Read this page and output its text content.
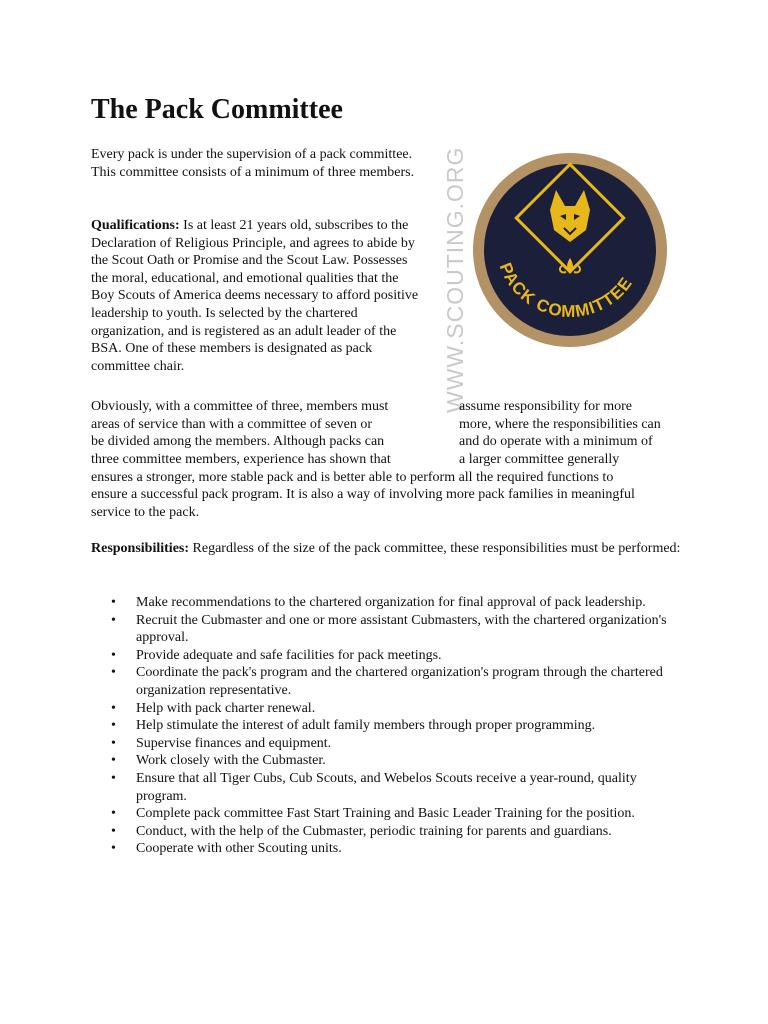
The Pack Committee

Every pack is under the supervision of a pack committee. This committee consists of a minimum of three members.

Qualifications: Is at least 21 years old, subscribes to the Declaration of Religious Principle, and agrees to abide by the Scout Oath or Promise and the Scout Law. Possesses the moral, educational, and emotional qualities that the Boy Scouts of America deems necessary to afford positive leadership to youth. Is selected by the chartered organization, and is registered as an adult leader of the BSA. One of these members is designated as pack committee chair.	WWW.SCOUTING.ORG
Obviously, with a committee of three, members must	assume responsibility for more
areas of service than with a committee of seven or	more, where the responsibilities can
be divided among the members. Although packs can	and do operate with a minimum of
three committee members, experience has shown that	a larger committee generally
ensures a stronger, more stable pack and is better able to perform all the required functions to
ensure a successful pack program. It is also a way of involving more pack families in meaningful
service to the pack.

Responsibilities: Regardless of the size of the pack committee, these responsibilities must be performed:

• Make recommendations to the chartered organization for final approval of pack leadership.
• Recruit the Cubmaster and one or more assistant Cubmasters, with the chartered organization's approval.
• Provide adequate and safe facilities for pack meetings.
• Coordinate the pack's program and the chartered organization's program through the chartered organization representative.
• Help with pack charter renewal.
• Help stimulate the interest of adult family members through proper programming.
• Supervise finances and equipment.
• Work closely with the Cubmaster.
• Ensure that all Tiger Cubs, Cub Scouts, and Webelos Scouts receive a year-round, quality program.
• Complete pack committee Fast Start Training and Basic Leader Training for the position.
• Conduct, with the help of the Cubmaster, periodic training for parents and guardians.
• Cooperate with other Scouting units.
PACK COMMITTEE
